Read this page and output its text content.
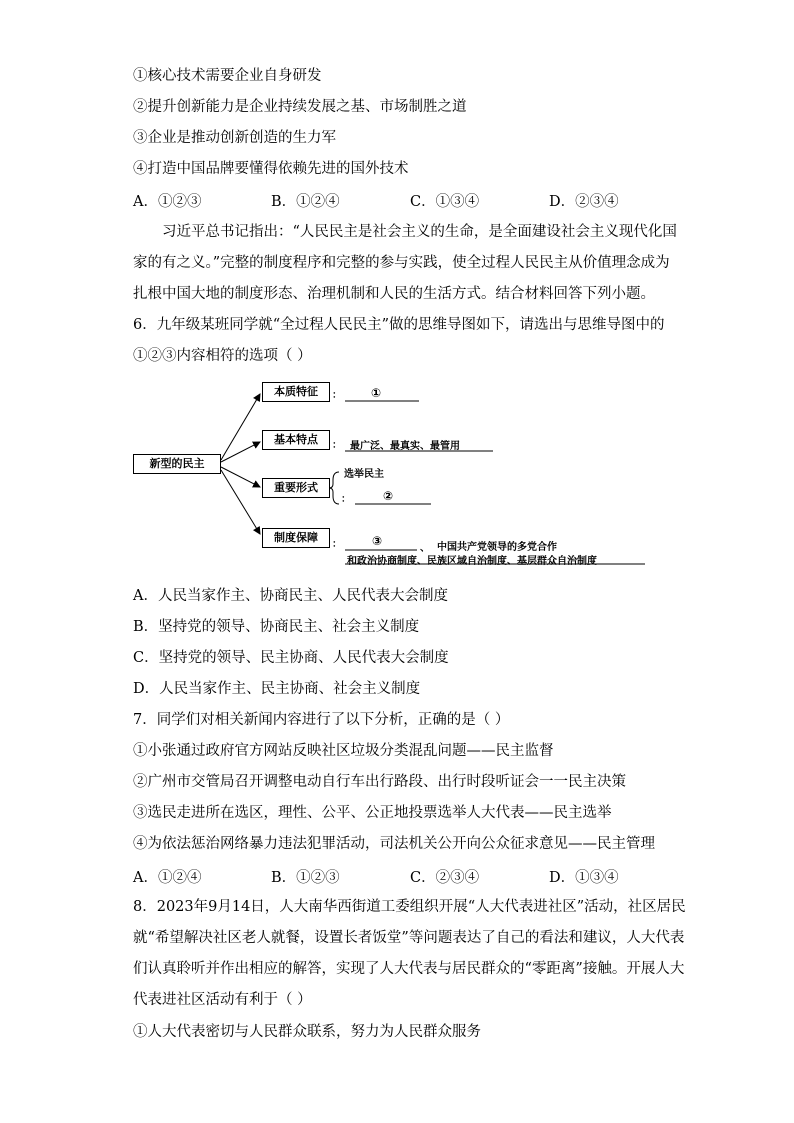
①核心技术需要企业自身研发
②提升创新能力是企业持续发展之基、市场制胜之道
③企业是推动创新创造的生力军
④打造中国品牌要懂得依赖先进的国外技术
A．①②③	B．①②④	C．①③④	D．②③④
习近平总书记指出：“人民民主是社会主义的生命，是全面建设社会主义现代化国
家的有之义。”完整的制度程序和完整的参与实践，使全过程人民民主从价值理念成为
扎根中国大地的制度形态、治理机制和人民的生活方式。结合材料回答下列小题。
6．九年级某班同学就“全过程人民民主”做的思维导图如下，请选出与思维导图中的
①②③内容相符的选项（ ）
新型的民主
本质特征	： ①
基本特点	： 最广泛、最真实、最管用
重要形式
选举民主
：	②
制度保障
：	③
、 中国共产党领导的多党合作
和政治协商制度、民族区域自治制度、基层群众自治制度
A．人民当家作主、协商民主、人民代表大会制度
B．坚持党的领导、协商民主、社会主义制度
C．坚持党的领导、民主协商、人民代表大会制度
D．人民当家作主、民主协商、社会主义制度
7．同学们对相关新闻内容进行了以下分析，正确的是（ ）
①小张通过政府官方网站反映社区垃圾分类混乱问题——民主监督
②广州市交管局召开调整电动自行车出行路段、出行时段听证会一一民主决策
③选民走进所在选区，理性、公平、公正地投票选举人大代表——民主选举
④为依法惩治网络暴力违法犯罪活动，司法机关公开向公众征求意见——民主管理
A．①②④	B．①②③	C．②③④	D．①③④
8．2023年9月14日，人大南华西街道工委组织开展“人大代表进社区”活动，社区居民
就“希望解决社区老人就餐，设置长者饭堂”等问题表达了自己的看法和建议，人大代表
们认真聆听并作出相应的解答，实现了人大代表与居民群众的“零距离”接触。开展人大
代表进社区活动有利于（ ）
①人大代表密切与人民群众联系，努力为人民群众服务
